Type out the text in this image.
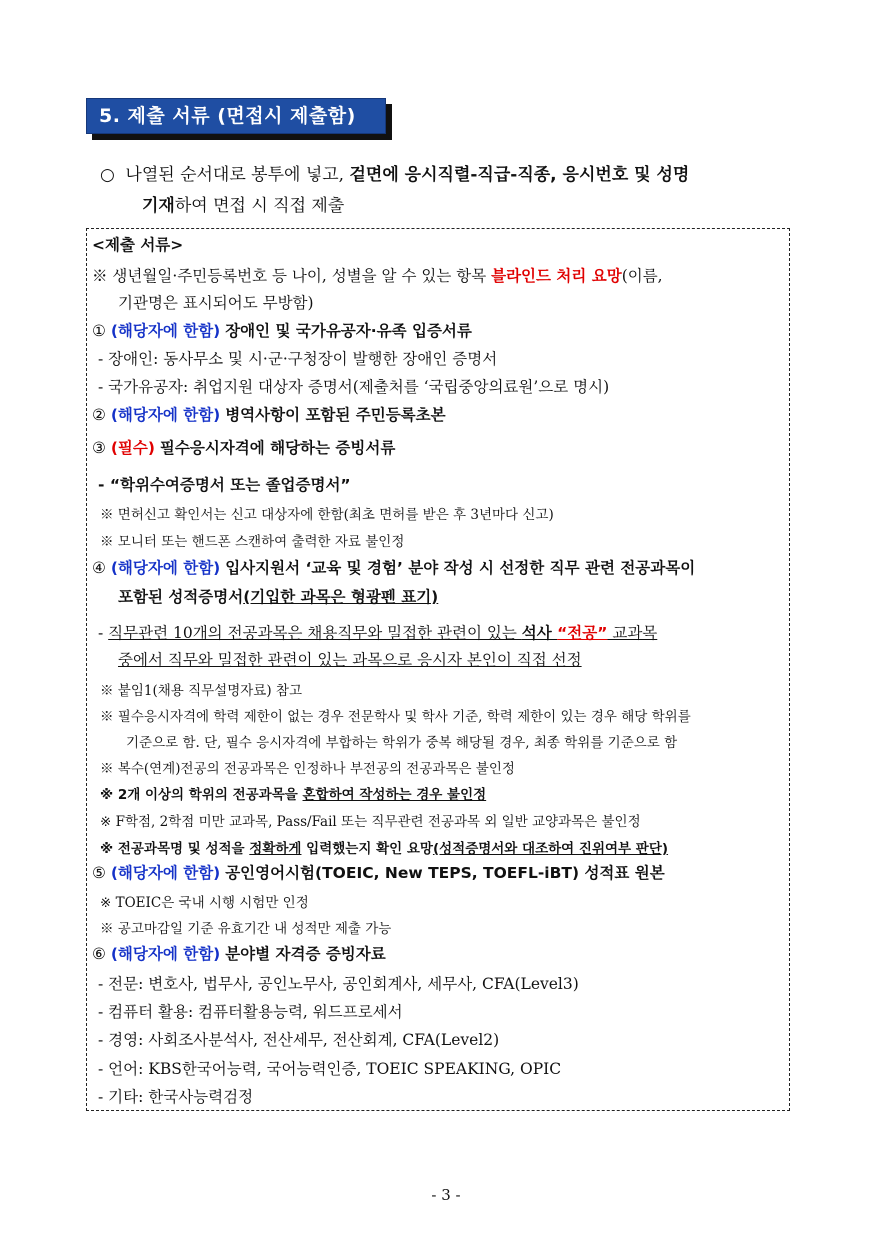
5. 제출 서류 (면접시 제출함)
○ 나열된 순서대로 봉투에 넣고, 겉면에 응시직렬-직급-직종, 응시번호 및 성명
기재하여 면접 시 직접 제출
<제출 서류>
※ 생년월일·주민등록번호 등 나이, 성별을 알 수 있는 항목 블라인드 처리 요망(이름,
기관명은 표시되어도 무방함)
① (해당자에 한함) 장애인 및 국가유공자·유족 입증서류
- 장애인: 동사무소 및 시·군·구청장이 발행한 장애인 증명서
- 국가유공자: 취업지원 대상자 증명서(제출처를 ‘국립중앙의료원’으로 명시)
② (해당자에 한함) 병역사항이 포함된 주민등록초본
③ (필수) 필수응시자격에 해당하는 증빙서류
- “학위수여증명서 또는 졸업증명서”
※ 면허신고 확인서는 신고 대상자에 한함(최초 면허를 받은 후 3년마다 신고)
※ 모니터 또는 핸드폰 스캔하여 출력한 자료 불인정
④ (해당자에 한함) 입사지원서 ‘교육 및 경험’ 분야 작성 시 선정한 직무 관련 전공과목이
포함된 성적증명서(기입한 과목은 형광펜 표기)
- 직무관련 10개의 전공과목은 채용직무와 밀접한 관련이 있는 석사 “전공” 교과목
중에서 직무와 밀접한 관련이 있는 과목으로 응시자 본인이 직접 선정
※ 붙임1(채용 직무설명자료) 참고
※ 필수응시자격에 학력 제한이 없는 경우 전문학사 및 학사 기준, 학력 제한이 있는 경우 해당 학위를
기준으로 함. 단, 필수 응시자격에 부합하는 학위가 중복 해당될 경우, 최종 학위를 기준으로 함
※ 복수(연계)전공의 전공과목은 인정하나 부전공의 전공과목은 불인정
※ 2개 이상의 학위의 전공과목을 혼합하여 작성하는 경우 불인정
※ F학점, 2학점 미만 교과목, Pass/Fail 또는 직무관련 전공과목 외 일반 교양과목은 불인정
※ 전공과목명 및 성적을 정확하게 입력했는지 확인 요망(성적증명서와 대조하여 진위여부 판단)
⑤ (해당자에 한함) 공인영어시험(TOEIC, New TEPS, TOEFL-iBT) 성적표 원본
※ TOEIC은 국내 시행 시험만 인정
※ 공고마감일 기준 유효기간 내 성적만 제출 가능
⑥ (해당자에 한함) 분야별 자격증 증빙자료
- 전문: 변호사, 법무사, 공인노무사, 공인회계사, 세무사, CFA(Level3)
- 컴퓨터 활용: 컴퓨터활용능력, 워드프로세서
- 경영: 사회조사분석사, 전산세무, 전산회계, CFA(Level2)
- 언어: KBS한국어능력, 국어능력인증, TOEIC SPEAKING, OPIC
- 기타: 한국사능력검정
- 3 -
